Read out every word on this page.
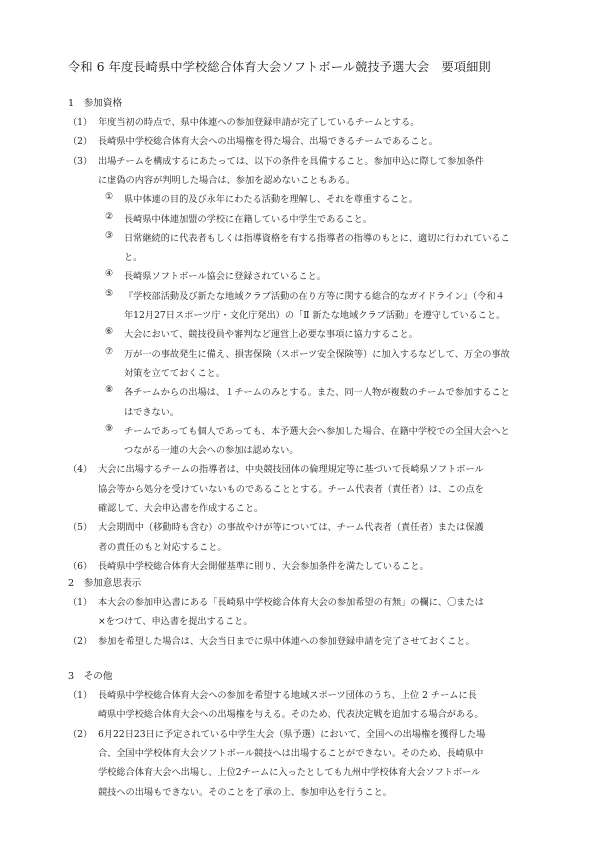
令和 6 年度長崎県中学校総合体育大会ソフトボール競技予選大会　要項細則
1　参加資格
（1） 年度当初の時点で、県中体連への参加登録申請が完了しているチームとする。
（2） 長崎県中学校総合体育大会への出場権を得た場合、出場できるチームであること。
（3） 出場チームを構成するにあたっては、以下の条件を具備すること。参加申込に際して参加条件
に虚偽の内容が判明した場合は、参加を認めないこともある。
① 県中体連の目的及び永年にわたる活動を理解し、それを尊重すること。
② 長崎県中体連加盟の学校に在籍している中学生であること。
③ 日常継続的に代表者もしくは指導資格を有する指導者の指導のもとに、適切に行われているこ
と。
④ 長崎県ソフトボール協会に登録されていること。
⑤ 『学校部活動及び新たな地域クラブ活動の在り方等に関する総合的なガイドライン』（令和４
年12月27日スポーツ庁・文化庁発出）の「Ⅱ 新たな地域クラブ活動」を遵守していること。
⑥ 大会において、競技役員や審判など運営上必要な事項に協力すること。
⑦ 万が一の事故発生に備え、損害保険（スポーツ安全保険等）に加入するなどして、万全の事故
対策を立てておくこと。
⑧ 各チームからの出場は、１チームのみとする。また、同一人物が複数のチームで参加すること
はできない。
⑨ チームであっても個人であっても、本予選大会へ参加した場合、在籍中学校での全国大会へと
つながる一連の大会への参加は認めない。
（4） 大会に出場するチームの指導者は、中央競技団体の倫理規定等に基づいて長崎県ソフトボール
協会等から処分を受けていないものであることとする。チーム代表者（責任者）は、この点を
確認して、大会申込書を作成すること。
（5） 大会期間中（移動時も含む）の事故やけが等については、チーム代表者（責任者）または保護
者の責任のもと対応すること。
（6） 長崎県中学校総合体育大会開催基準に則り、大会参加条件を満たしていること。
2　参加意思表示
（1） 本大会の参加申込書にある「長崎県中学校総合体育大会の参加希望の有無」の欄に、〇または
×をつけて、申込書を提出すること。
（2） 参加を希望した場合は、大会当日までに県中体連への参加登録申請を完了させておくこと。
3　その他
（1） 長崎県中学校総合体育大会への参加を希望する地域スポーツ団体のうち、上位 2 チームに長
崎県中学校総合体育大会への出場権を与える。そのため、代表決定戦を追加する場合がある。
（2） 6月22日23日に予定されている中学生大会（県予選）において、全国への出場権を獲得した場
合、全国中学校体育大会ソフトボール競技へは出場することができない。そのため、長崎県中
学校総合体育大会へ出場し、上位2チームに入ったとしても九州中学校体育大会ソフトボール
競技への出場もできない。そのことを了承の上、参加申込を行うこと。
